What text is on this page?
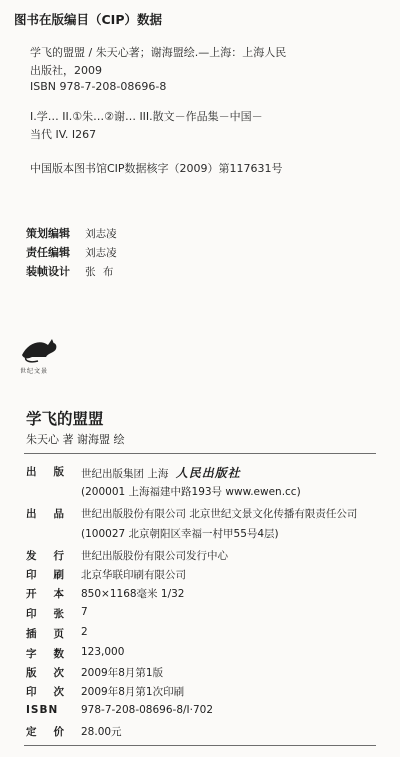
图书在版编目（CIP）数据
学飞的盟盟 / 朱天心著；谢海盟绘.—上海：上海人民
出版社，2009
ISBN 978-7-208-08696-8
I.学… II.①朱…②谢… III.散文－作品集－中国－
当代 IV. I267
中国版本图书馆CIP数据核字（2009）第117631号
策划编辑 刘志凌
责任编辑 刘志凌
装帧设计 张 布
世纪文景
学飞的盟盟
朱天心 著 谢海盟 绘
出 版 世纪出版集团 上海 人民出版社
(200001 上海福建中路193号 www.ewen.cc)
出 品 世纪出版股份有限公司 北京世纪文景文化传播有限责任公司
(100027 北京朝阳区幸福一村甲55号4层)
发 行 世纪出版股份有限公司发行中心
印 刷 北京华联印刷有限公司
开 本 850×1168毫米 1/32
印 张 7
插 页 2
字 数 123,000
版 次 2009年8月第1版
印 次 2009年8月第1次印刷
ISBN	978-7-208-08696-8/I·702
定 价 28.00元
